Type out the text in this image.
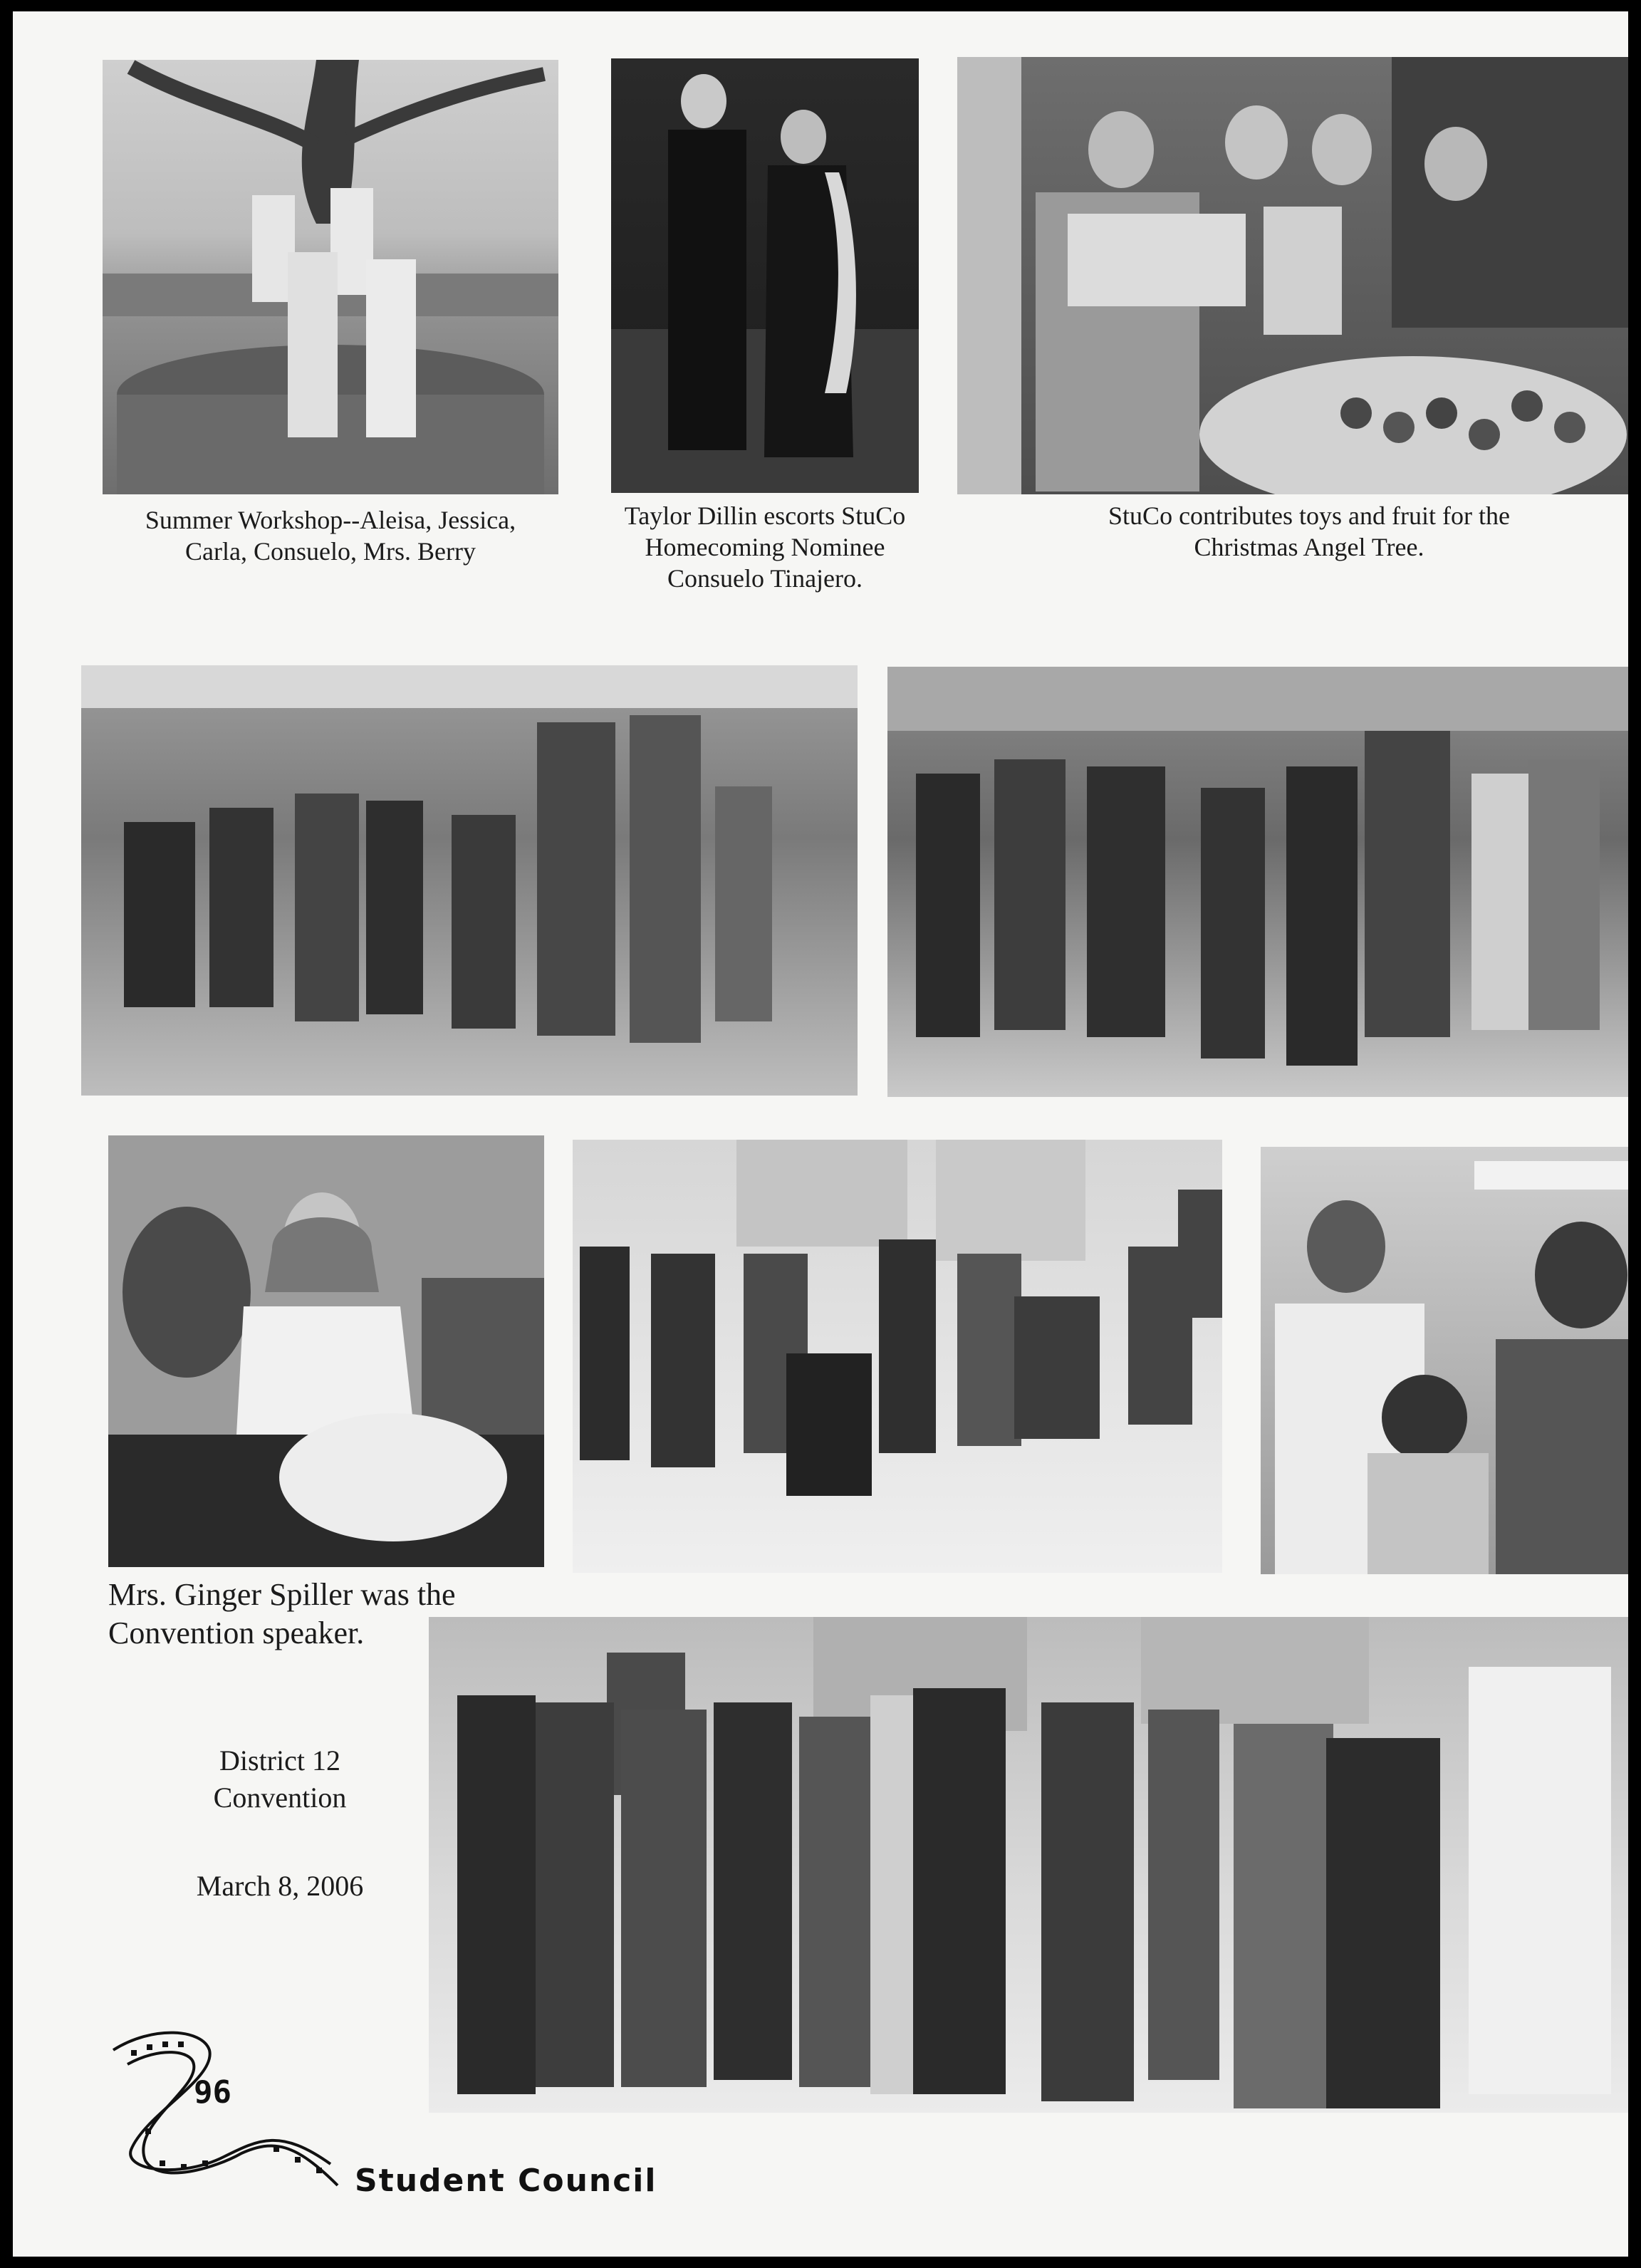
Summer Workshop--Aleisa, Jessica,
Carla, Consuelo, Mrs. Berry
Taylor Dillin escorts StuCo
Homecoming Nominee
Consuelo Tinajero.
StuCo contributes toys and fruit for the
Christmas Angel Tree.
Mrs. Ginger Spiller was the
Convention speaker.
District 12
Convention
March 8, 2006
96
Student Council
